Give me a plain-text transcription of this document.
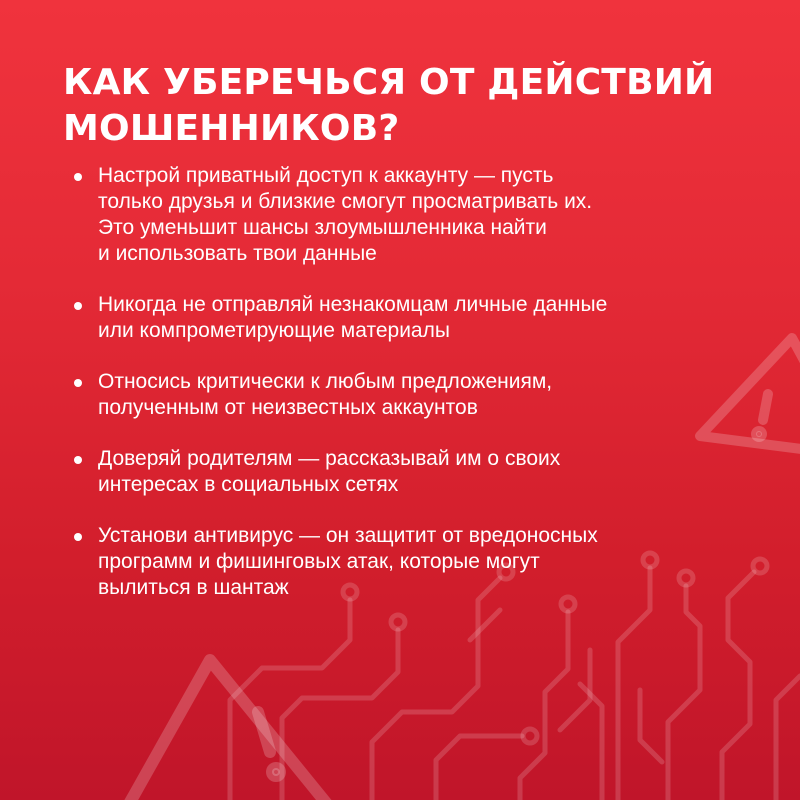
КАК УБЕРЕЧЬСЯ ОТ ДЕЙСТВИЙ
МОШЕННИКОВ?
Настрой приватный доступ к аккаунту — пусть
только друзья и близкие смогут просматривать их.
Это уменьшит шансы злоумышленника найти
и использовать твои данные
Никогда не отправляй незнакомцам личные данные
или компрометирующие материалы
Относись критически к любым предложениям,
полученным от неизвестных аккаунтов
Доверяй родителям — рассказывай им о своих
интересах в социальных сетях
Установи антивирус — он защитит от вредоносных
программ и фишинговых атак, которые могут
вылиться в шантаж
